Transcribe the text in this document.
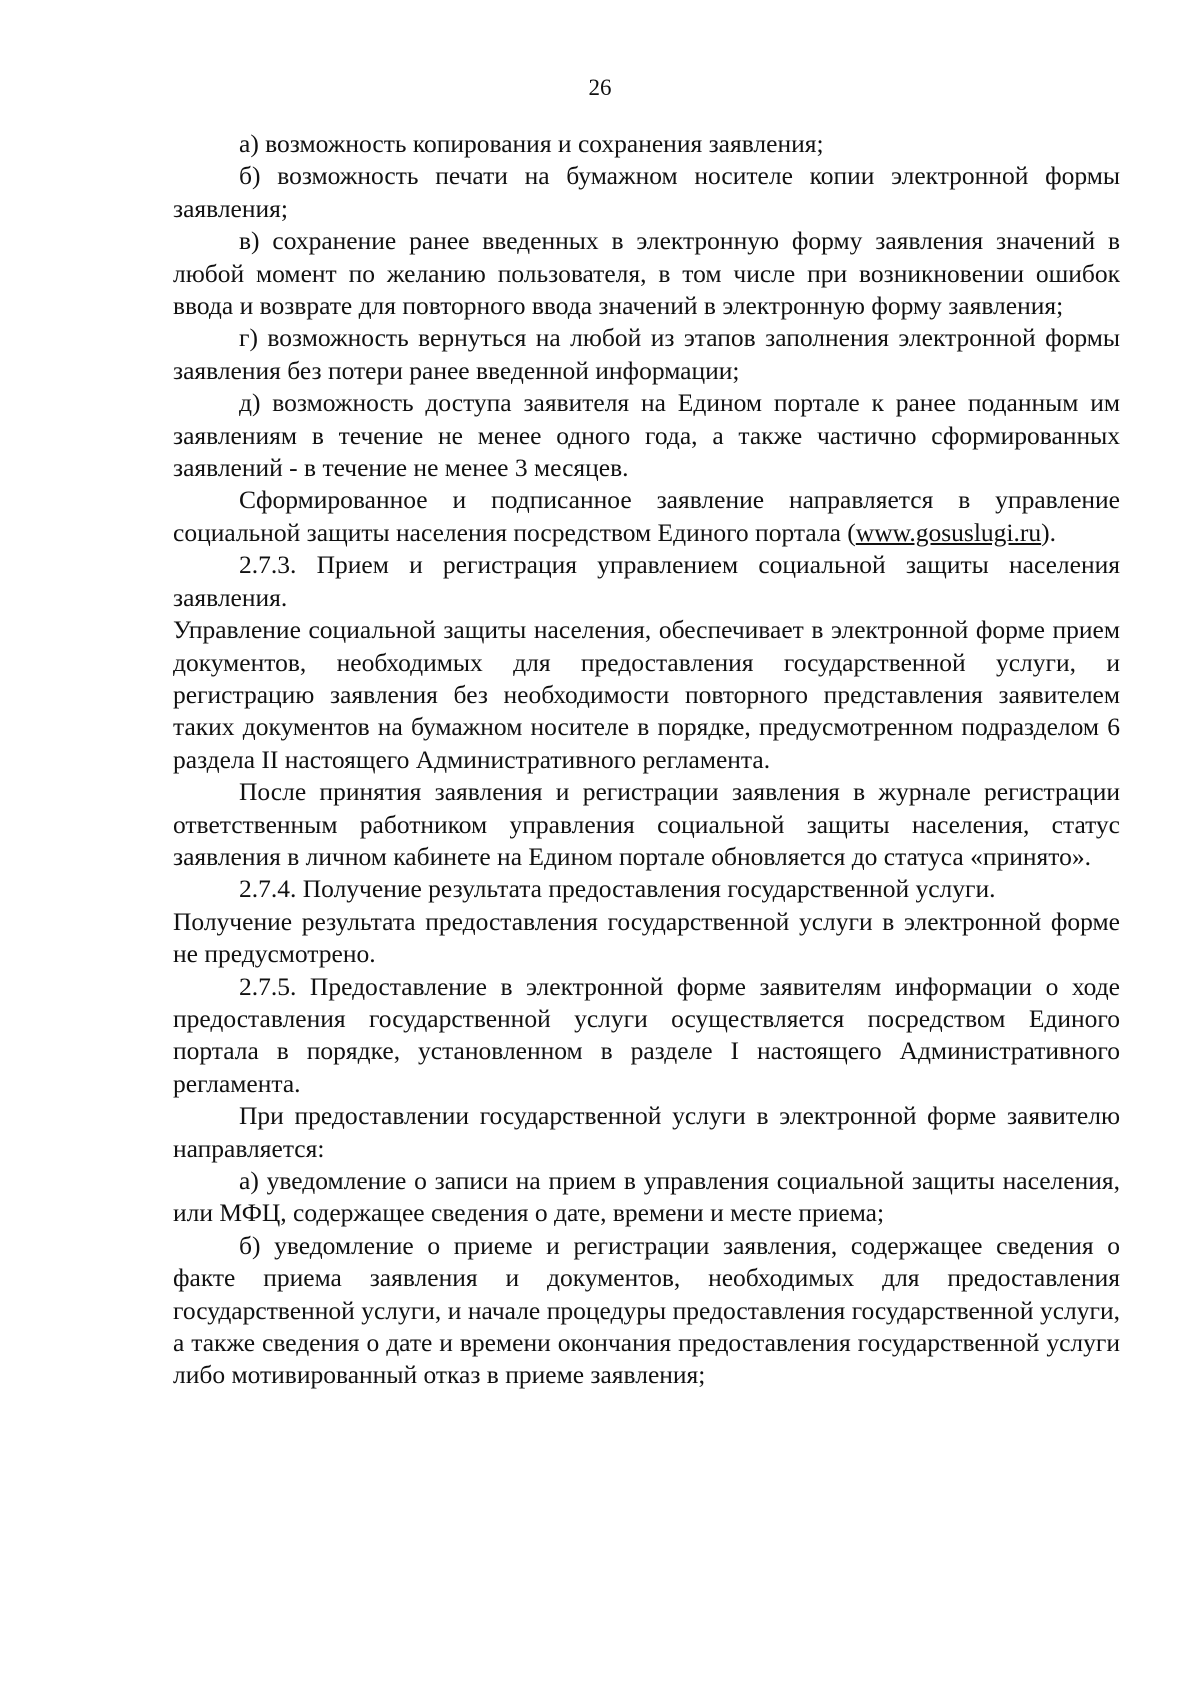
26

а) возможность копирования и сохранения заявления;

б) возможность печати на бумажном носителе копии электронной формы заявления;

в) сохранение ранее введенных в электронную форму заявления значений в любой момент по желанию пользователя, в том числе при возникновении ошибок ввода и возврате для повторного ввода значений в электронную форму заявления;

г) возможность вернуться на любой из этапов заполнения электронной формы заявления без потери ранее введенной информации;

д) возможность доступа заявителя на Едином портале к ранее поданным им заявлениям в течение не менее одного года, а также частично сформированных заявлений - в течение не менее 3 месяцев.

Сформированное и подписанное заявление направляется в управление социальной защиты населения посредством Единого портала (www.gosuslugi.ru).

2.7.3. Прием и регистрация управлением социальной защиты населения заявления.

Управление социальной защиты населения, обеспечивает в электронной форме прием документов, необходимых для предоставления государственной услуги, и регистрацию заявления без необходимости повторного представления заявителем таких документов на бумажном носителе в порядке, предусмотренном подразделом 6 раздела II настоящего Административного регламента.

После принятия заявления и регистрации заявления в журнале регистрации ответственным работником управления социальной защиты населения, статус заявления в личном кабинете на Едином портале обновляется до статуса «принято».

2.7.4. Получение результата предоставления государственной услуги.

Получение результата предоставления государственной услуги в электронной форме не предусмотрено.

2.7.5. Предоставление в электронной форме заявителям информации о ходе предоставления государственной услуги осуществляется посредством Единого портала в порядке, установленном в разделе I настоящего Административного регламента.

При предоставлении государственной услуги в электронной форме заявителю направляется:

а) уведомление о записи на прием в управления социальной защиты населения, или МФЦ, содержащее сведения о дате, времени и месте приема;

б) уведомление о приеме и регистрации заявления, содержащее сведения о факте приема заявления и документов, необходимых для предоставления государственной услуги, и начале процедуры предоставления государственной услуги, а также сведения о дате и времени окончания предоставления государственной услуги либо мотивированный отказ в приеме заявления;
